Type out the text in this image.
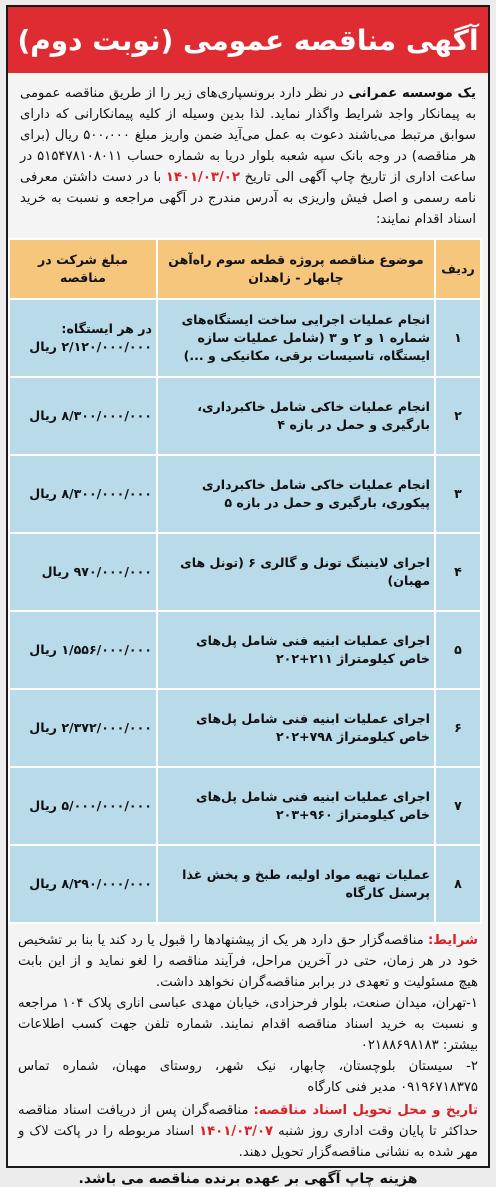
آگهی مناقصه عمومی (نوبت دوم)
یک موسسه عمرانی در نظر دارد برونسپاری‌های زیر را از طریق مناقصه عمومی به پیمانکار واجد شرایط واگذار نماید. لذا بدین وسیله از کلیه پیمانکارانی که دارای سوابق مرتبط می‌باشند دعوت به عمل می‌آید ضمن واریز مبلغ ۵۰۰،۰۰۰ ریال (برای هر مناقصه) در وجه بانک سپه شعبه بلوار دریا به شماره حساب ۵۱۵۴۷۸۱۰۸۰۱۱ در ساعت اداری از تاریخ چاپ آگهی الی تاریخ ۱۴۰۱/۰۳/۰۲ با در دست داشتن معرفی نامه رسمی و اصل فیش واریزی به آدرس مندرج در آگهی مراجعه و نسبت به خرید اسناد اقدام نمایند:
ردیف	موضوع مناقصه پروژه قطعه سوم راه‌آهن چابهار - زاهدان	مبلغ شرکت در مناقصه
۱	انجام عملیات اجرایی ساخت ایستگاه‌های شماره ۱ و ۲ و ۳ (شامل عملیات سازه ایستگاه، تاسیسات برقی، مکانیکی و ...)	در هر ایستگاه: ۲/۱۲۰/۰۰۰/۰۰۰ ریال
۲	انجام عملیات خاکی شامل خاکبرداری، بارگیری و حمل در بازه ۴	۸/۳۰۰/۰۰۰/۰۰۰ ریال
۳	انجام عملیات خاکی شامل خاکبرداری پیکوری، بارگیری و حمل در بازه ۵	۸/۳۰۰/۰۰۰/۰۰۰ ریال
۴	اجرای لاینینگ تونل و گالری ۶ (تونل های مهبان)	۹۷۰/۰۰۰/۰۰۰ ریال
۵	اجرای عملیات ابنیه فنی شامل پل‌های خاص کیلومتراژ ۲۱۱+۲۰۲	۱/۵۵۶/۰۰۰/۰۰۰ ریال
۶	اجرای عملیات ابنیه فنی شامل پل‌های خاص کیلومتراژ ۷۹۸+۲۰۲	۲/۳۷۲/۰۰۰/۰۰۰ ریال
۷	اجرای عملیات ابنیه فنی شامل پل‌های خاص کیلومتراژ ۹۶۰+۲۰۳	۵/۰۰۰/۰۰۰/۰۰۰ ریال
۸	عملیات تهیه مواد اولیه، طبخ و پخش غذا پرسنل کارگاه	۸/۲۹۰/۰۰۰/۰۰۰ ریال
شرایط: مناقصه‌گزار حق دارد هر یک از پیشنهادها را قبول یا رد کند یا بنا بر تشخیص خود در هر زمان، حتی در آخرین مراحل، فرآیند مناقصه را لغو نماید و از این بابت هیچ مسئولیت و تعهدی در برابر مناقصه‌گران نخواهد داشت.
۱-تهران، میدان صنعت، بلوار فرحزادی، خیابان مهدی عباسی اناری پلاک ۱۰۴ مراجعه و نسبت به خرید اسناد مناقصه اقدام نمایند. شماره تلفن جهت کسب اطلاعات بیشتر: ۰۲۱۸۸۶۹۸۱۸۳
۲- سیستان بلوچستان، چابهار، نیک شهر، روستای مهبان، شماره تماس ۰۹۱۹۶۷۱۸۳۷۵ مدیر فنی کارگاه
تاریخ و محل تحویل اسناد مناقصه: مناقصه‌گران پس از دریافت اسناد مناقصه حداکثر تا پایان وقت اداری روز شنبه ۱۴۰۱/۰۳/۰۷ اسناد مربوطه را در پاکت لاک و مهر شده به نشانی مناقصه‌گزار تحویل دهند.
هزینه چاپ آگهی بر عهده برنده مناقصه می باشد.
